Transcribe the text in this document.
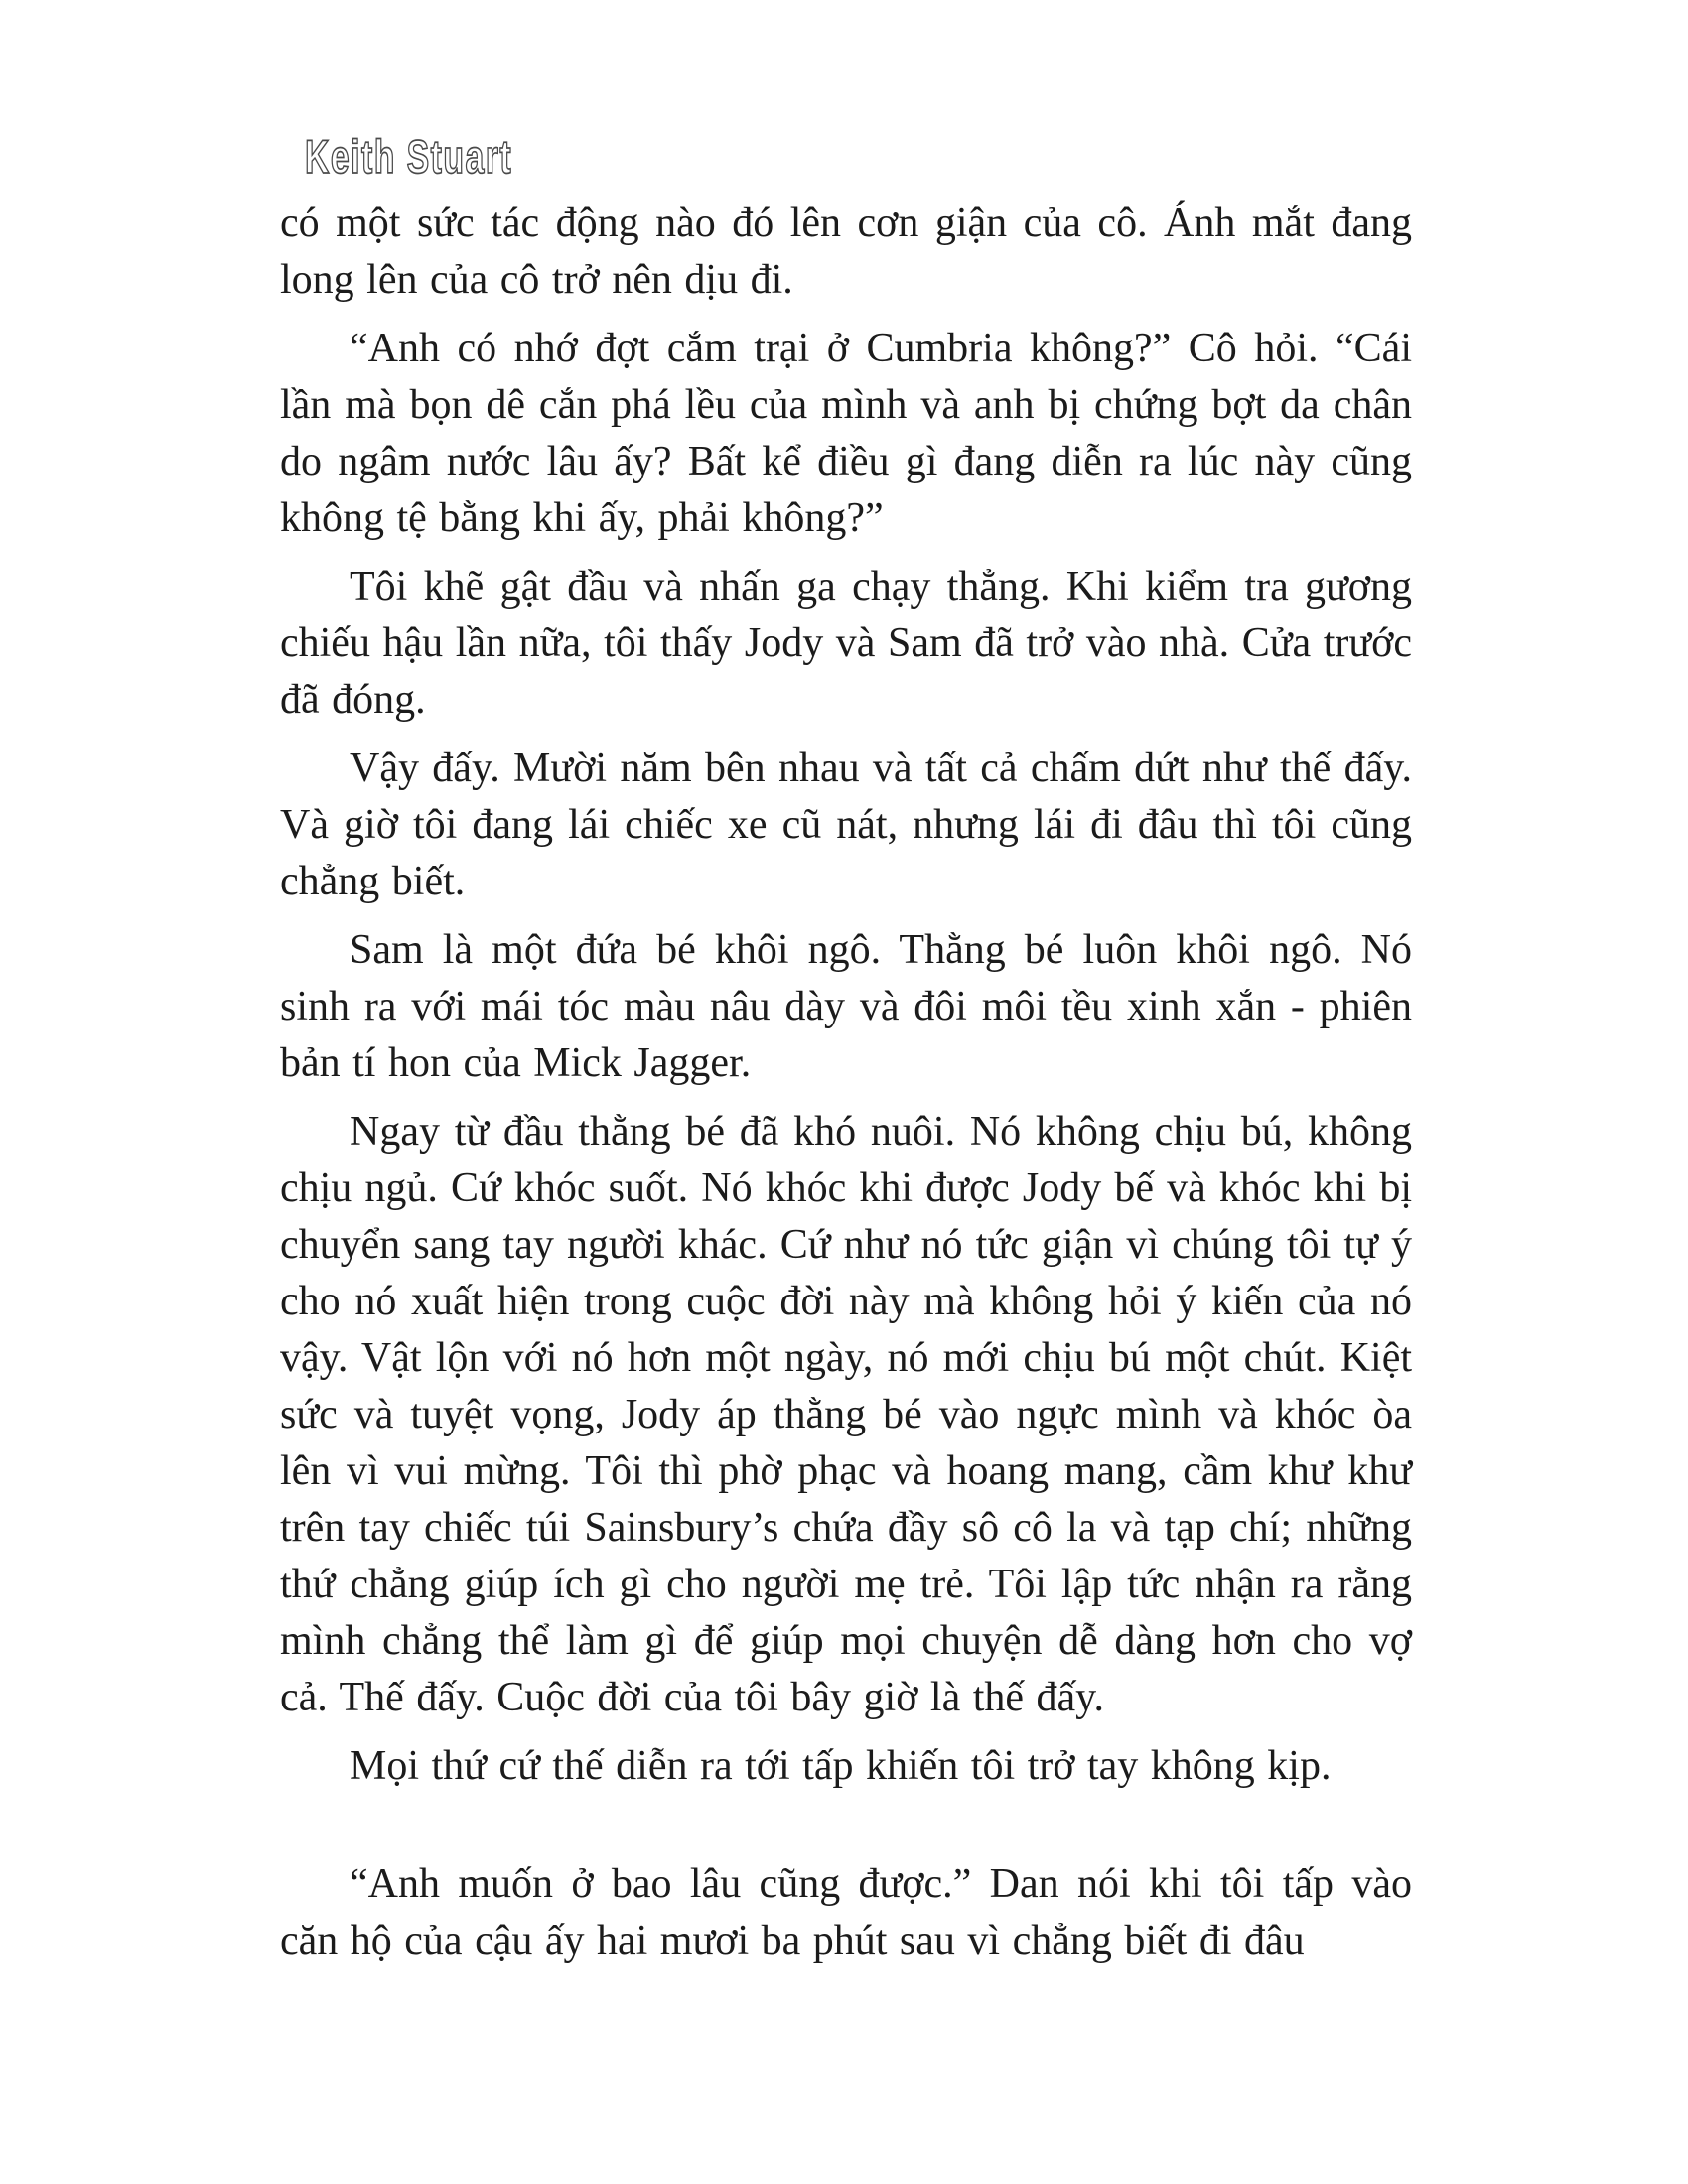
Keith Stuart

có một sức tác động nào đó lên cơn giận của cô. Ánh mắt đang long lên của cô trở nên dịu đi.

“Anh có nhớ đợt cắm trại ở Cumbria không?” Cô hỏi. “Cái lần mà bọn dê cắn phá lều của mình và anh bị chứng bợt da chân do ngâm nước lâu ấy? Bất kể điều gì đang diễn ra lúc này cũng không tệ bằng khi ấy, phải không?”

Tôi khẽ gật đầu và nhấn ga chạy thẳng. Khi kiểm tra gương chiếu hậu lần nữa, tôi thấy Jody và Sam đã trở vào nhà. Cửa trước đã đóng.

Vậy đấy. Mười năm bên nhau và tất cả chấm dứt như thế đấy. Và giờ tôi đang lái chiếc xe cũ nát, nhưng lái đi đâu thì tôi cũng chẳng biết.

Sam là một đứa bé khôi ngô. Thằng bé luôn khôi ngô. Nó sinh ra với mái tóc màu nâu dày và đôi môi tều xinh xắn - phiên bản tí hon của Mick Jagger.

Ngay từ đầu thằng bé đã khó nuôi. Nó không chịu bú, không chịu ngủ. Cứ khóc suốt. Nó khóc khi được Jody bế và khóc khi bị chuyển sang tay người khác. Cứ như nó tức giận vì chúng tôi tự ý cho nó xuất hiện trong cuộc đời này mà không hỏi ý kiến của nó vậy. Vật lộn với nó hơn một ngày, nó mới chịu bú một chút. Kiệt sức và tuyệt vọng, Jody áp thằng bé vào ngực mình và khóc òa lên vì vui mừng. Tôi thì phờ phạc và hoang mang, cầm khư khư trên tay chiếc túi Sainsbury’s chứa đầy sô cô la và tạp chí; những thứ chẳng giúp ích gì cho người mẹ trẻ. Tôi lập tức nhận ra rằng mình chẳng thể làm gì để giúp mọi chuyện dễ dàng hơn cho vợ cả. Thế đấy. Cuộc đời của tôi bây giờ là thế đấy.

Mọi thứ cứ thế diễn ra tới tấp khiến tôi trở tay không kịp.

“Anh muốn ở bao lâu cũng được.” Dan nói khi tôi tấp vào căn hộ của cậu ấy hai mươi ba phút sau vì chẳng biết đi đâu
